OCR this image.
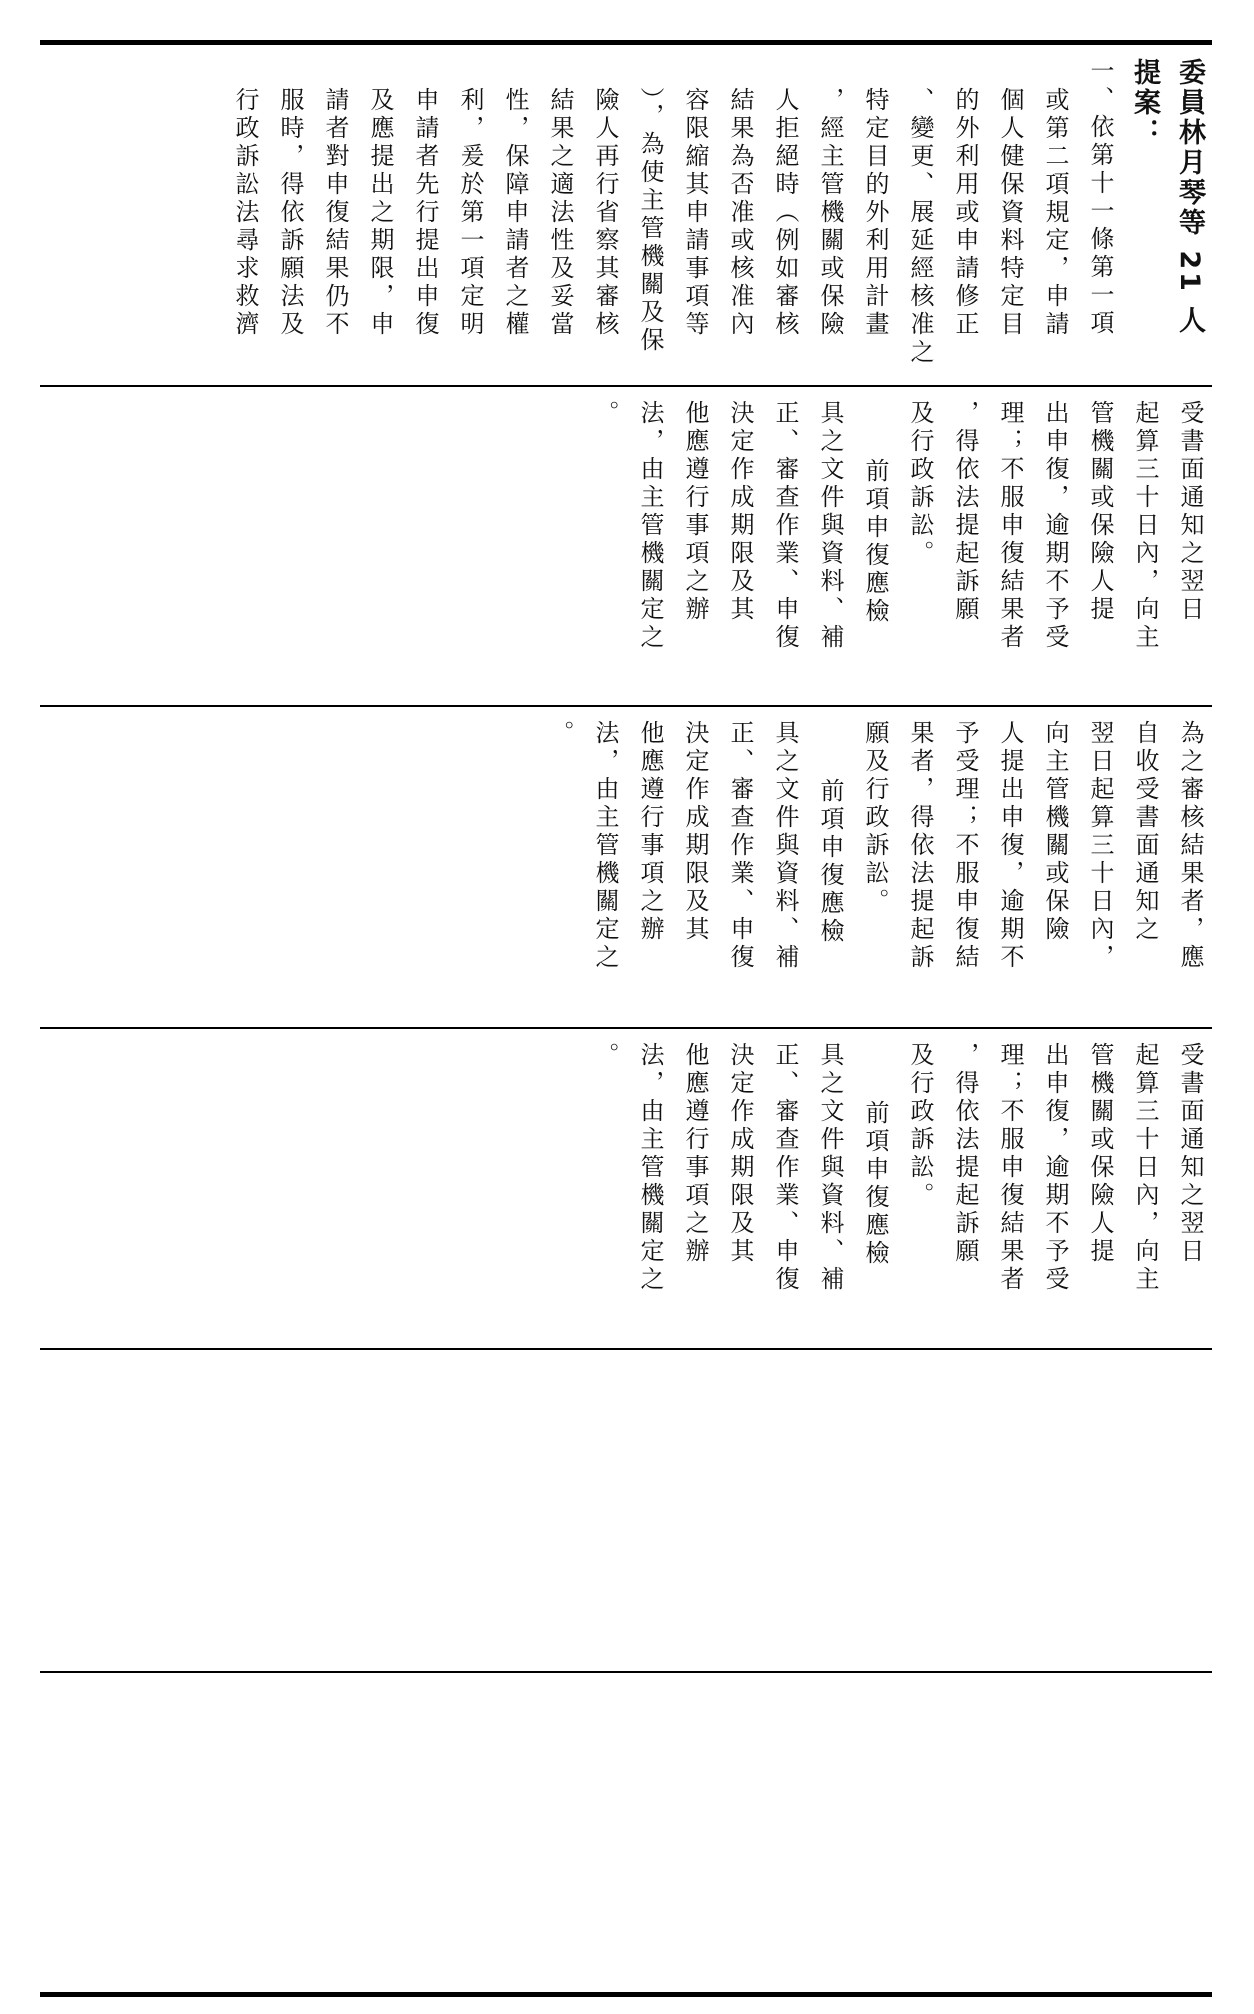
委員林月琴等 21 人
提案：
一、依第十一條第一項
或第二項規定，申請
個人健保資料特定目
的外利用或申請修正
、變更、展延經核准之
特定目的外利用計畫
，經主管機關或保險
人拒絕時（例如審核
結果為否准或核准內
容限縮其申請事項等
），為使主管機關及保
險人再行省察其審核
結果之適法性及妥當
性，保障申請者之權
利，爰於第一項定明
申請者先行提出申復
及應提出之期限，申
請者對申復結果仍不
服時，得依訴願法及
行政訴訟法尋求救濟
受書面通知之翌日
起算三十日內，向主
管機關或保險人提
出申復，逾期不予受
理；不服申復結果者
，得依法提起訴願
及行政訴訟。
前項申復應檢
具之文件與資料、補
正、審查作業、申復
決定作成期限及其
他應遵行事項之辦
法，由主管機關定之
。
為之審核結果者，應
自收受書面通知之
翌日起算三十日內，
向主管機關或保險
人提出申復，逾期不
予受理；不服申復結
果者，得依法提起訴
願及行政訴訟。
前項申復應檢
具之文件與資料、補
正、審查作業、申復
決定作成期限及其
他應遵行事項之辦
法，由主管機關定之
。
受書面通知之翌日
起算三十日內，向主
管機關或保險人提
出申復，逾期不予受
理；不服申復結果者
，得依法提起訴願
及行政訴訟。
前項申復應檢
具之文件與資料、補
正、審查作業、申復
決定作成期限及其
他應遵行事項之辦
法，由主管機關定之
。
